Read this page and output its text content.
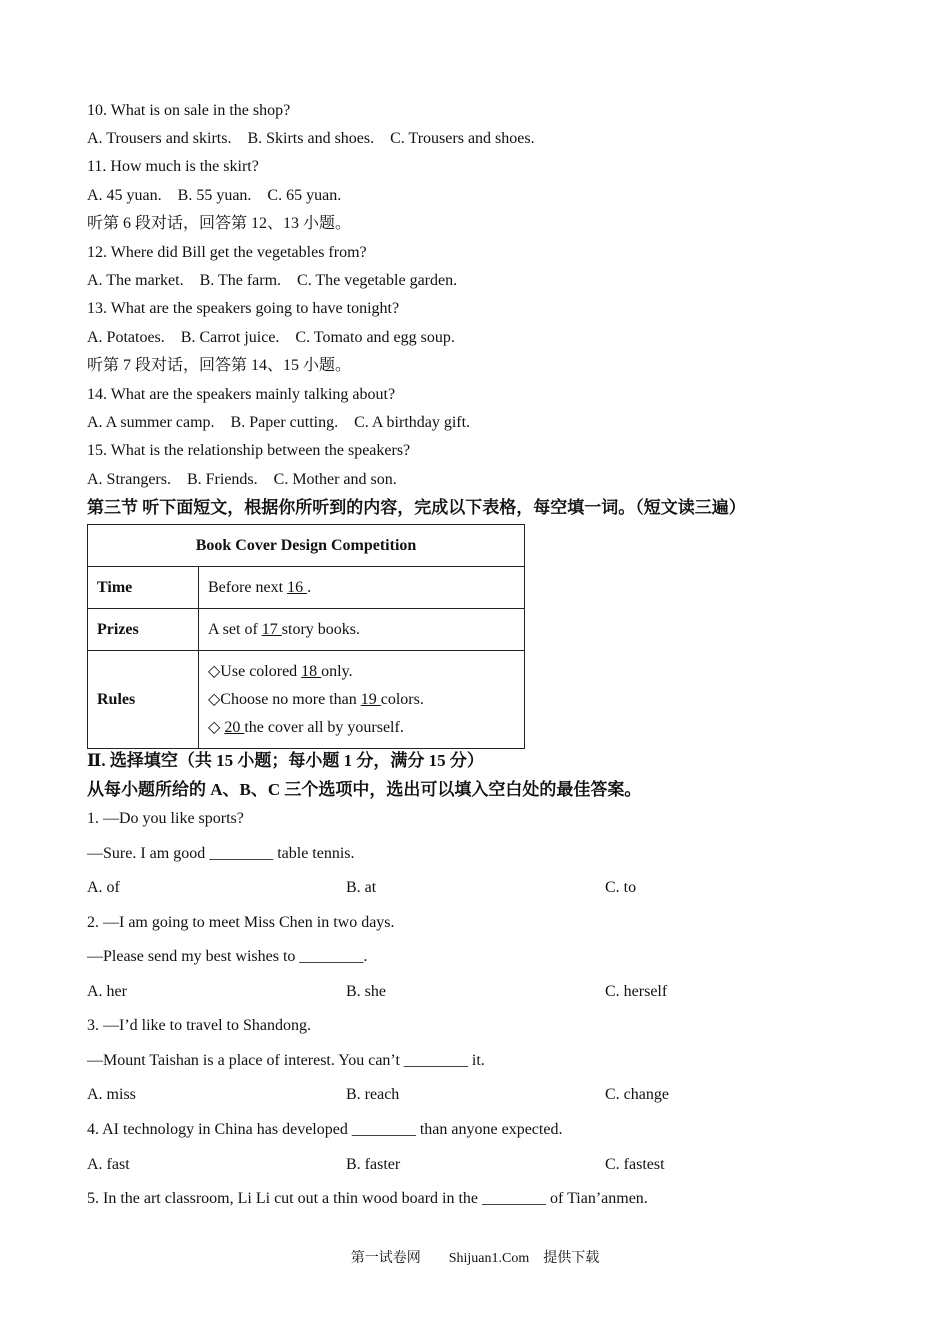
10. What is on sale in the shop?
A. Trousers and skirts.    B. Skirts and shoes.    C. Trousers and shoes.
11. How much is the skirt?
A. 45 yuan.    B. 55 yuan.    C. 65 yuan.
听第 6 段对话，回答第 12、13 小题。
12. Where did Bill get the vegetables from?
A. The market.    B. The farm.    C. The vegetable garden.
13. What are the speakers going to have tonight?
A. Potatoes.    B. Carrot juice.    C. Tomato and egg soup.
听第 7 段对话，回答第 14、15 小题。
14. What are the speakers mainly talking about?
A. A summer camp.    B. Paper cutting.    C. A birthday gift.
15. What is the relationship between the speakers?
A. Strangers.    B. Friends.    C. Mother and son.
第三节 听下面短文，根据你所听到的内容，完成以下表格，每空填一词。（短文读三遍）
Book Cover Design Competition	
Time	Before next 16 .
Prizes	A set of 17 story books.
Rules	◇Use colored 18 only.
◇Choose no more than 19 colors.
◇ 20 the cover all by yourself.
Ⅱ. 选择填空（共 15 小题；每小题 1 分，满分 15 分）
从每小题所给的 A、B、C 三个选项中，选出可以填入空白处的最佳答案。
1. —Do you like sports?
—Sure. I am good ________ table tennis.
A. of	B. at	C. to
2. —I am going to meet Miss Chen in two days.
—Please send my best wishes to ________.
A. her	B. she	C. herself
3. —I’d like to travel to Shandong.
—Mount Taishan is a place of interest. You can’t ________ it.
A. miss	B. reach	C. change
4. AI technology in China has developed ________ than anyone expected.
A. fast	B. faster	C. fastest
5. In the art classroom, Li Li cut out a thin wood board in the ________ of Tian’anmen.
第一试卷网        Shijuan1.Com    提供下载
